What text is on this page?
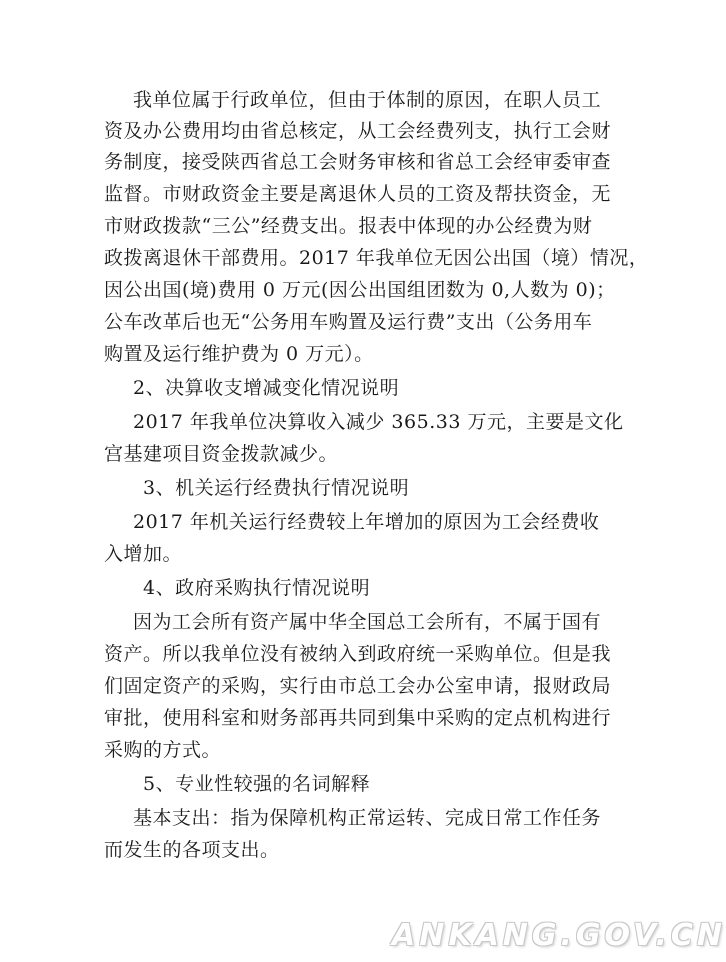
我单位属于行政单位，但由于体制的原因，在职人员工
资及办公费用均由省总核定，从工会经费列支，执行工会财
务制度，接受陕西省总工会财务审核和省总工会经审委审查
监督。市财政资金主要是离退休人员的工资及帮扶资金，无
市财政拨款“三公”经费支出。报表中体现的办公经费为财
政拨离退休干部费用。2017 年我单位无因公出国（境）情况，
因公出国(境)费用 0 万元(因公出国组团数为 0,人数为 0)；
公车改革后也无“公务用车购置及运行费”支出（公务用车
购置及运行维护费为 0 万元）。
2、决算收支增减变化情况说明
2017 年我单位决算收入减少 365.33 万元，主要是文化
宫基建项目资金拨款减少。
3、机关运行经费执行情况说明
2017 年机关运行经费较上年增加的原因为工会经费收
入增加。
4、政府采购执行情况说明
因为工会所有资产属中华全国总工会所有，不属于国有
资产。所以我单位没有被纳入到政府统一采购单位。但是我
们固定资产的采购，实行由市总工会办公室申请，报财政局
审批，使用科室和财务部再共同到集中采购的定点机构进行
采购的方式。
5、专业性较强的名词解释
基本支出：指为保障机构正常运转、完成日常工作任务
而发生的各项支出。
ANKANG.GOV.CN
